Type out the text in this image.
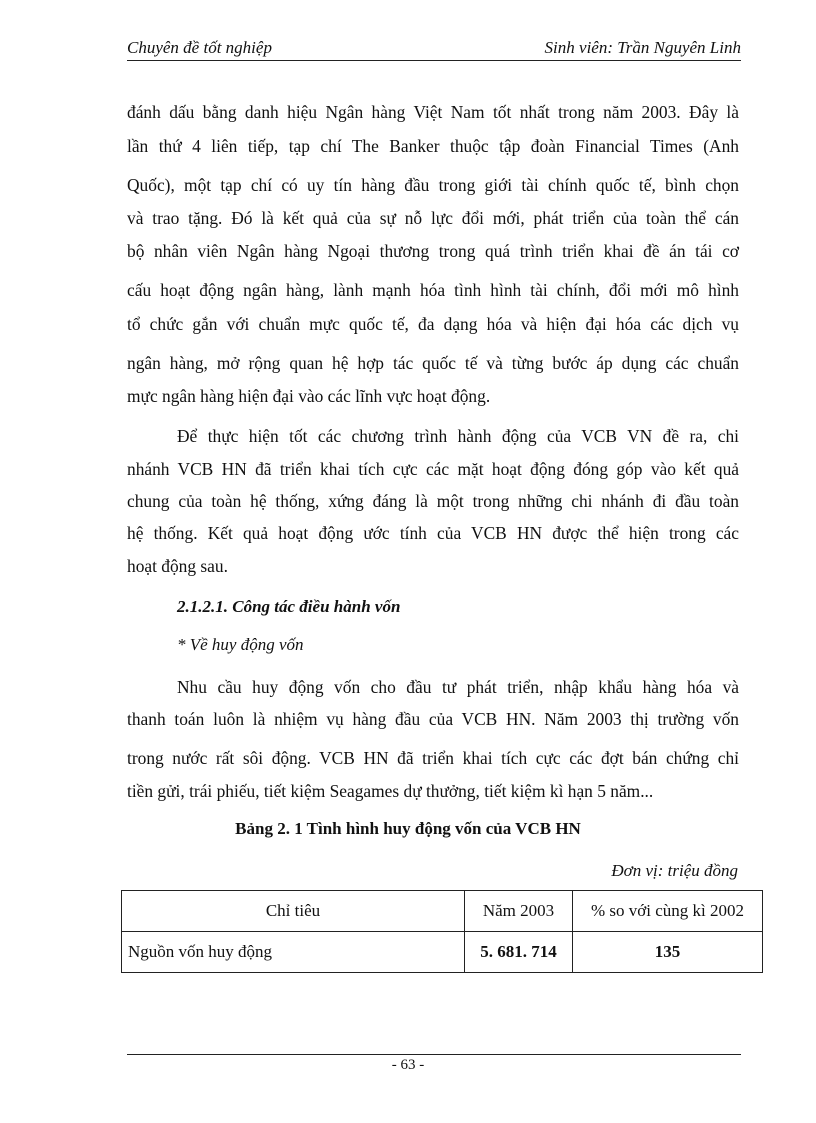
Chuyên đề tốt nghiệp	Sinh viên: Trần Nguyên Linh

đánh dấu bằng danh hiệu Ngân hàng Việt Nam tốt nhất trong năm 2003. Đây là

lần thứ 4 liên tiếp, tạp chí The Banker thuộc tập đoàn Financial Times (Anh

Quốc), một tạp chí có uy tín hàng đầu trong giới tài chính quốc tế, bình chọn

và trao tặng. Đó là kết quả của sự nỗ lực đổi mới, phát triển của toàn thể cán

bộ nhân viên Ngân hàng Ngoại thương trong quá trình triển khai đề án tái cơ

cấu hoạt động ngân hàng, lành mạnh hóa tình hình tài chính, đổi mới mô hình

tổ chức gắn với chuẩn mực quốc tế, đa dạng hóa và hiện đại hóa các dịch vụ

ngân hàng, mở rộng quan hệ hợp tác quốc tế và từng bước áp dụng các chuẩn

mực ngân hàng hiện đại vào các lĩnh vực hoạt động.

Để thực hiện tốt các chương trình hành động của VCB VN đề ra, chi

nhánh VCB HN đã triển khai tích cực các mặt hoạt động đóng góp vào kết quả

chung của toàn hệ thống, xứng đáng là một trong những chi nhánh đi đầu toàn

hệ thống. Kết quả hoạt động ước tính của VCB HN được thể hiện trong các

hoạt động sau.

2.1.2.1. Công tác điều hành vốn
* Về huy động vốn

Nhu cầu huy động vốn cho đầu tư phát triển, nhập khẩu hàng hóa và

thanh toán luôn là nhiệm vụ hàng đầu của VCB HN. Năm 2003 thị trường vốn

trong nước rất sôi động. VCB HN đã triển khai tích cực các đợt bán chứng chỉ

tiền gửi, trái phiếu, tiết kiệm Seagames dự thưởng, tiết kiệm kì hạn 5 năm...

Bảng 2. 1 Tình hình huy động vốn của VCB HN
Đơn vị: triệu đồng
Chỉ tiêu	Năm 2003	% so với cùng kì 2002
Nguồn vốn huy động	5. 681. 714	135
- 63 -
